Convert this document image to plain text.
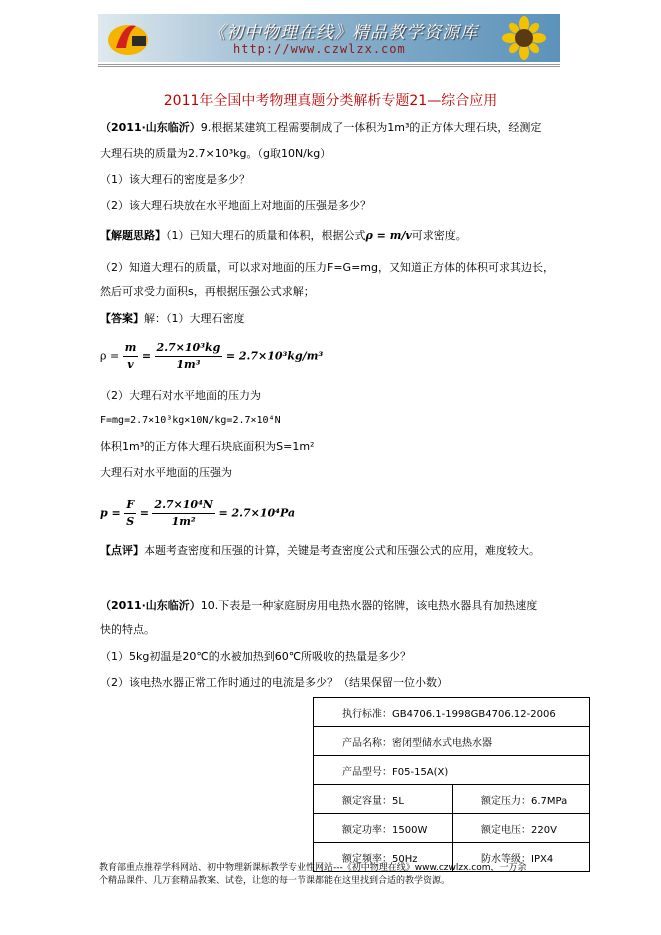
《初中物理在线》精品教学资源库
http://www.czwlzx.com
2011年全国中考物理真题分类解析专题21—综合应用
（2011·山东临沂）9.根据某建筑工程需要制成了一体积为1m³的正方体大理石块，经测定
大理石块的质量为2.7×10³kg。（g取10N/kg）
（1）该大理石的密度是多少？
（2）该大理石块放在水平地面上对地面的压强是多少？
【解题思路】（1）已知大理石的质量和体积，根据公式ρ = m/v可求密度。
（2）知道大理石的质量，可以求对地面的压力F=G=mg，又知道正方体的体积可求其边长，
然后可求受力面积s，再根据压强公式求解；
【答案】解：（1）大理石密度
$\rho = \frac{m}{v} = \frac{\text{2.7×10³kg}}{\text{1m³}} = 2.7\times 10^3kg/m^3$
（2）大理石对水平地面的压力为
F=mg=2.7×10³kg×10N/kg=2.7×10⁴N
体积1m³的正方体大理石块底面积为S=1m²
大理石对水平地面的压强为
$p = \frac{F}{S} = \frac{\text{2.7×10⁴N}}{\text{1m²}} = 2.7\times 10^4Pa$
【点评】本题考查密度和压强的计算，关键是考查密度公式和压强公式的应用，难度较大。
（2011·山东临沂）10.下表是一种家庭厨房用电热水器的铭牌，该电热水器具有加热速度
快的特点。
（1）5kg初温是20℃的水被加热到60℃所吸收的热量是多少？
（2）该电热水器正常工作时通过的电流是多少？（结果保留一位小数）
执行标准：GB4706.1-1998GB4706.12-2006	
产品名称：密闭型储水式电热水器	
产品型号：F05-15A(X)	
额定容量：5L	额定压力：6.7MPa
额定功率：1500W	额定电压：220V
额定频率：50Hz	防水等级：IPX4
教育部重点推荐学科网站、初中物理新课标教学专业性网站---《初中物理在线》www.czwlzx.com，一万余
个精品课件、几万套精品教案、试卷，让您的每一节课都能在这里找到合适的教学资源。
